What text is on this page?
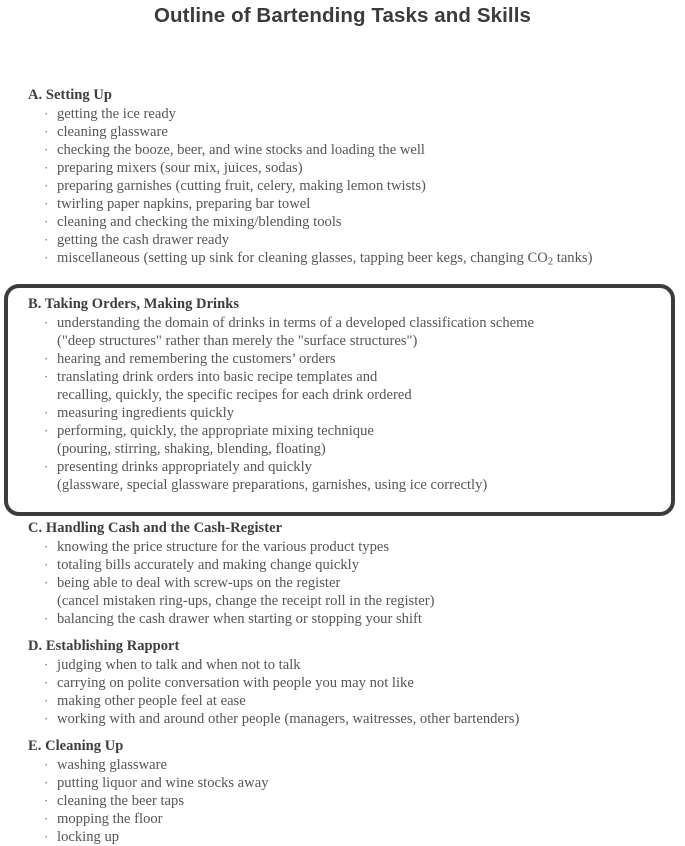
Outline of Bartending Tasks and Skills
A. Setting Up
· getting the ice ready
· cleaning glassware
· checking the booze, beer, and wine stocks and loading the well
· preparing mixers (sour mix, juices, sodas)
· preparing garnishes (cutting fruit, celery, making lemon twists)
· twirling paper napkins, preparing bar towel
· cleaning and checking the mixing/blending tools
· getting the cash drawer ready
· miscellaneous (setting up sink for cleaning glasses, tapping beer kegs, changing $CO_2$ tanks)
B. Taking Orders, Making Drinks
· understanding the domain of drinks in terms of a developed classification scheme
("deep structures" rather than merely the "surface structures")
· hearing and remembering the customers’ orders
· translating drink orders into basic recipe templates and
recalling, quickly, the specific recipes for each drink ordered
· measuring ingredients quickly
· performing, quickly, the appropriate mixing technique
(pouring, stirring, shaking, blending, floating)
· presenting drinks appropriately and quickly
(glassware, special glassware preparations, garnishes, using ice correctly)
C. Handling Cash and the Cash-Register
· knowing the price structure for the various product types
· totaling bills accurately and making change quickly
· being able to deal with screw-ups on the register
(cancel mistaken ring-ups, change the receipt roll in the register)
· balancing the cash drawer when starting or stopping your shift
D. Establishing Rapport
· judging when to talk and when not to talk
· carrying on polite conversation with people you may not like
· making other people feel at ease
· working with and around other people (managers, waitresses, other bartenders)
E. Cleaning Up
· washing glassware
· putting liquor and wine stocks away
· cleaning the beer taps
· mopping the floor
· locking up
